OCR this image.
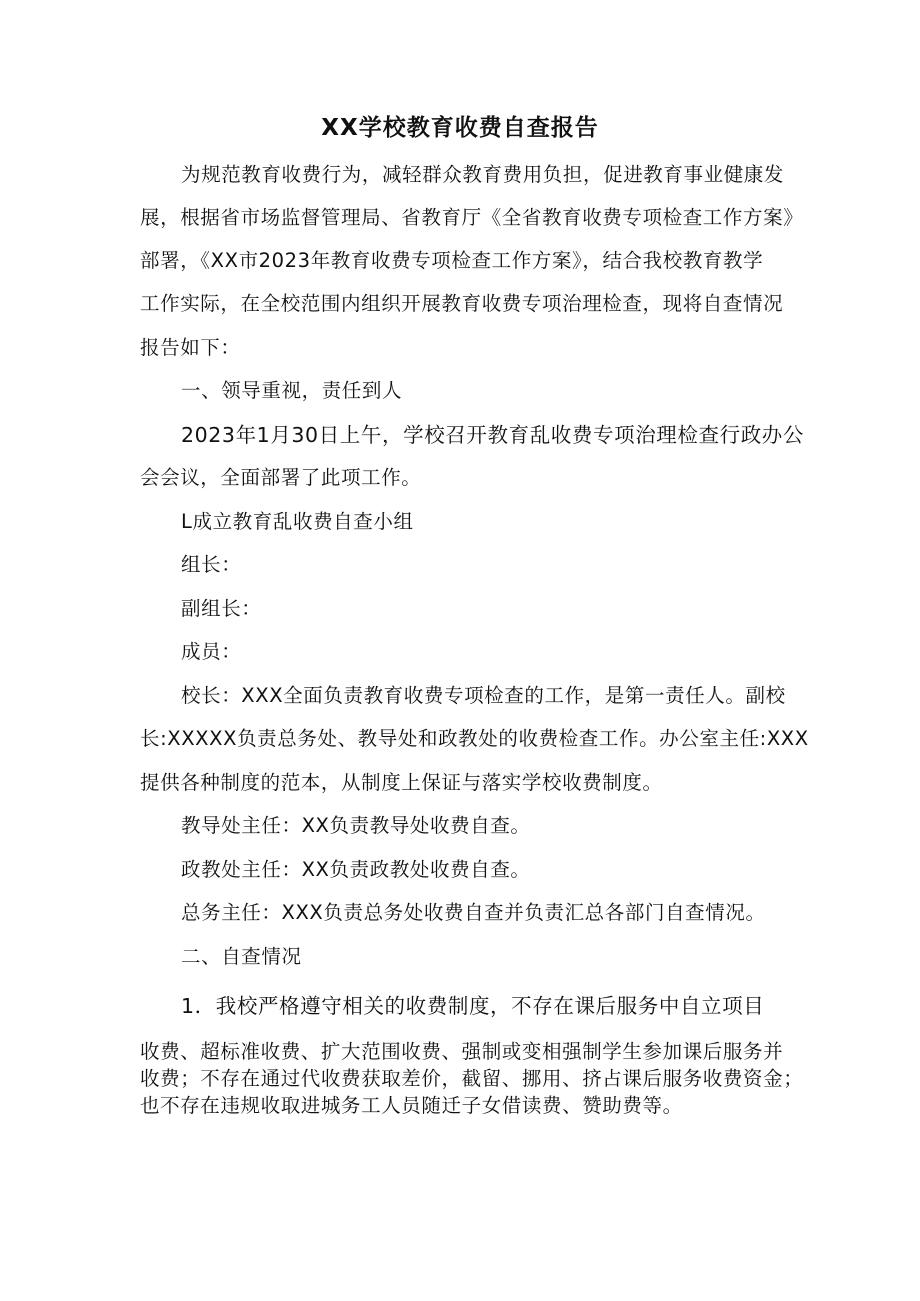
XX学校教育收费自查报告
为规范教育收费行为，减轻群众教育费用负担，促进教育事业健康发
展，根据省市场监督管理局、省教育厅《全省教育收费专项检查工作方案》
部署，《XX市2023年教育收费专项检查工作方案》，结合我校教育教学
工作实际，在全校范围内组织开展教育收费专项治理检查，现将自查情况
报告如下：
一、领导重视，责任到人
2023年1月30日上午，学校召开教育乱收费专项治理检查行政办公
会会议，全面部署了此项工作。
L成立教育乱收费自查小组
组长：
副组长：
成员：
校长：XXX全面负责教育收费专项检查的工作，是第一责任人。副校
长:XXXXX负责总务处、教导处和政教处的收费检查工作。办公室主任:XXX
提供各种制度的范本，从制度上保证与落实学校收费制度。
教导处主任：XX负责教导处收费自查。
政教处主任：XX负责政教处收费自查。
总务主任：XXX负责总务处收费自查并负责汇总各部门自查情况。
二、自查情况
1．我校严格遵守相关的收费制度，不存在课后服务中自立项目
收费、超标准收费、扩大范围收费、强制或变相强制学生参加课后服务并
收费；不存在通过代收费获取差价，截留、挪用、挤占课后服务收费资金；
也不存在违规收取进城务工人员随迁子女借读费、赞助费等。
